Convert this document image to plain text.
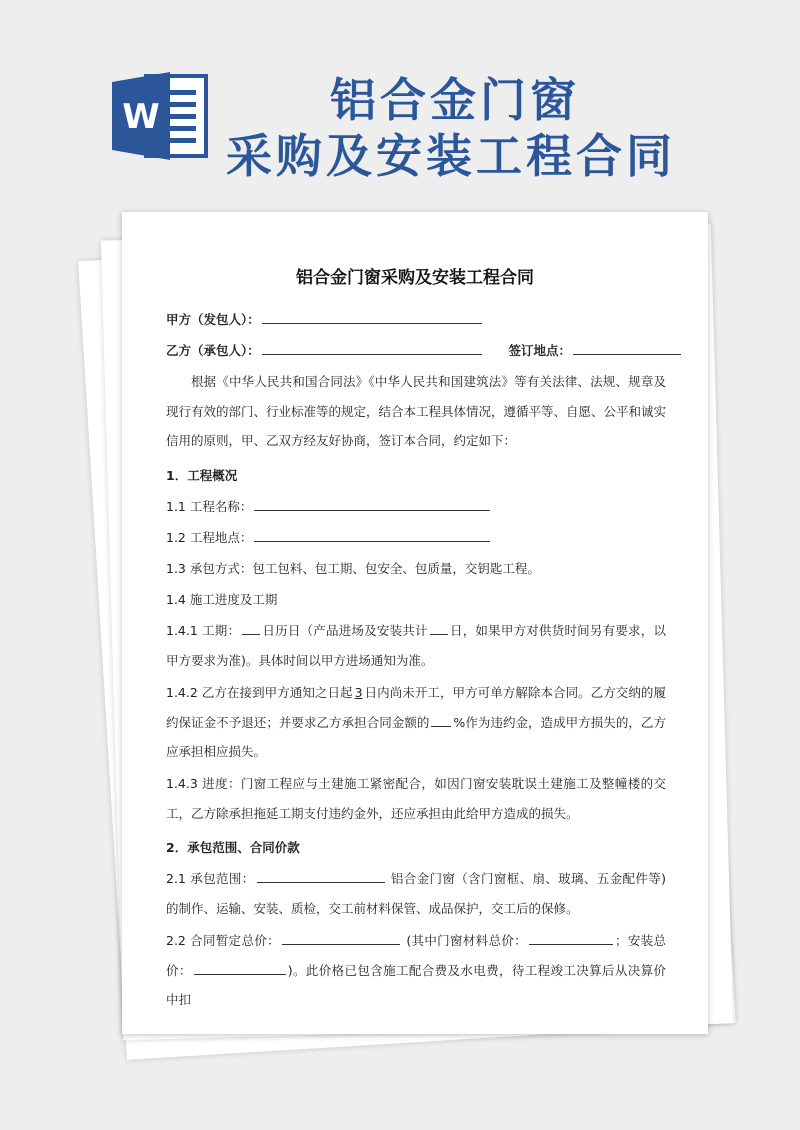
W	铝合金门窗
采购及安装工程合同
铝合金门窗采购及安装工程合同
甲方（发包人）：
乙方（承包人）：	签订地点：
根据《中华人民共和国合同法》《中华人民共和国建筑法》等有关法律、法规、规章及现行有效的部门、行业标准等的规定，结合本工程具体情况，遵循平等、自愿、公平和诚实信用的原则，甲、乙双方经友好协商，签订本合同，约定如下：
1．工程概况
1.1 工程名称：
1.2 工程地点：
1.3 承包方式：包工包料、包工期、包安全、包质量，交钥匙工程。
1.4 施工进度及工期
1.4.1 工期： 日历日（产品进场及安装共计 日，如果甲方对供货时间另有要求，以甲方要求为准)。具体时间以甲方进场通知为准。
1.4.2 乙方在接到甲方通知之日起 3 日内尚未开工，甲方可单方解除本合同。乙方交纳的履约保证金不予退还；并要求乙方承担合同金额的 %作为违约金，造成甲方损失的，乙方应承担相应损失。
1.4.3 进度：门窗工程应与土建施工紧密配合，如因门窗安装耽误土建施工及整幢楼的交工，乙方除承担拖延工期支付违约金外，还应承担由此给甲方造成的损失。
2．承包范围、合同价款
2.1 承包范围：	铝合金门窗（含门窗框、扇、玻璃、五金配件等)的制作、运输、安装、质检，交工前材料保管、成品保护，交工后的保修。
2.2 合同暂定总价：	(其中门窗材料总价：	；安装总价：	)。此价格已包含施工配合费及水电费，待工程竣工决算后从决算价中扣
